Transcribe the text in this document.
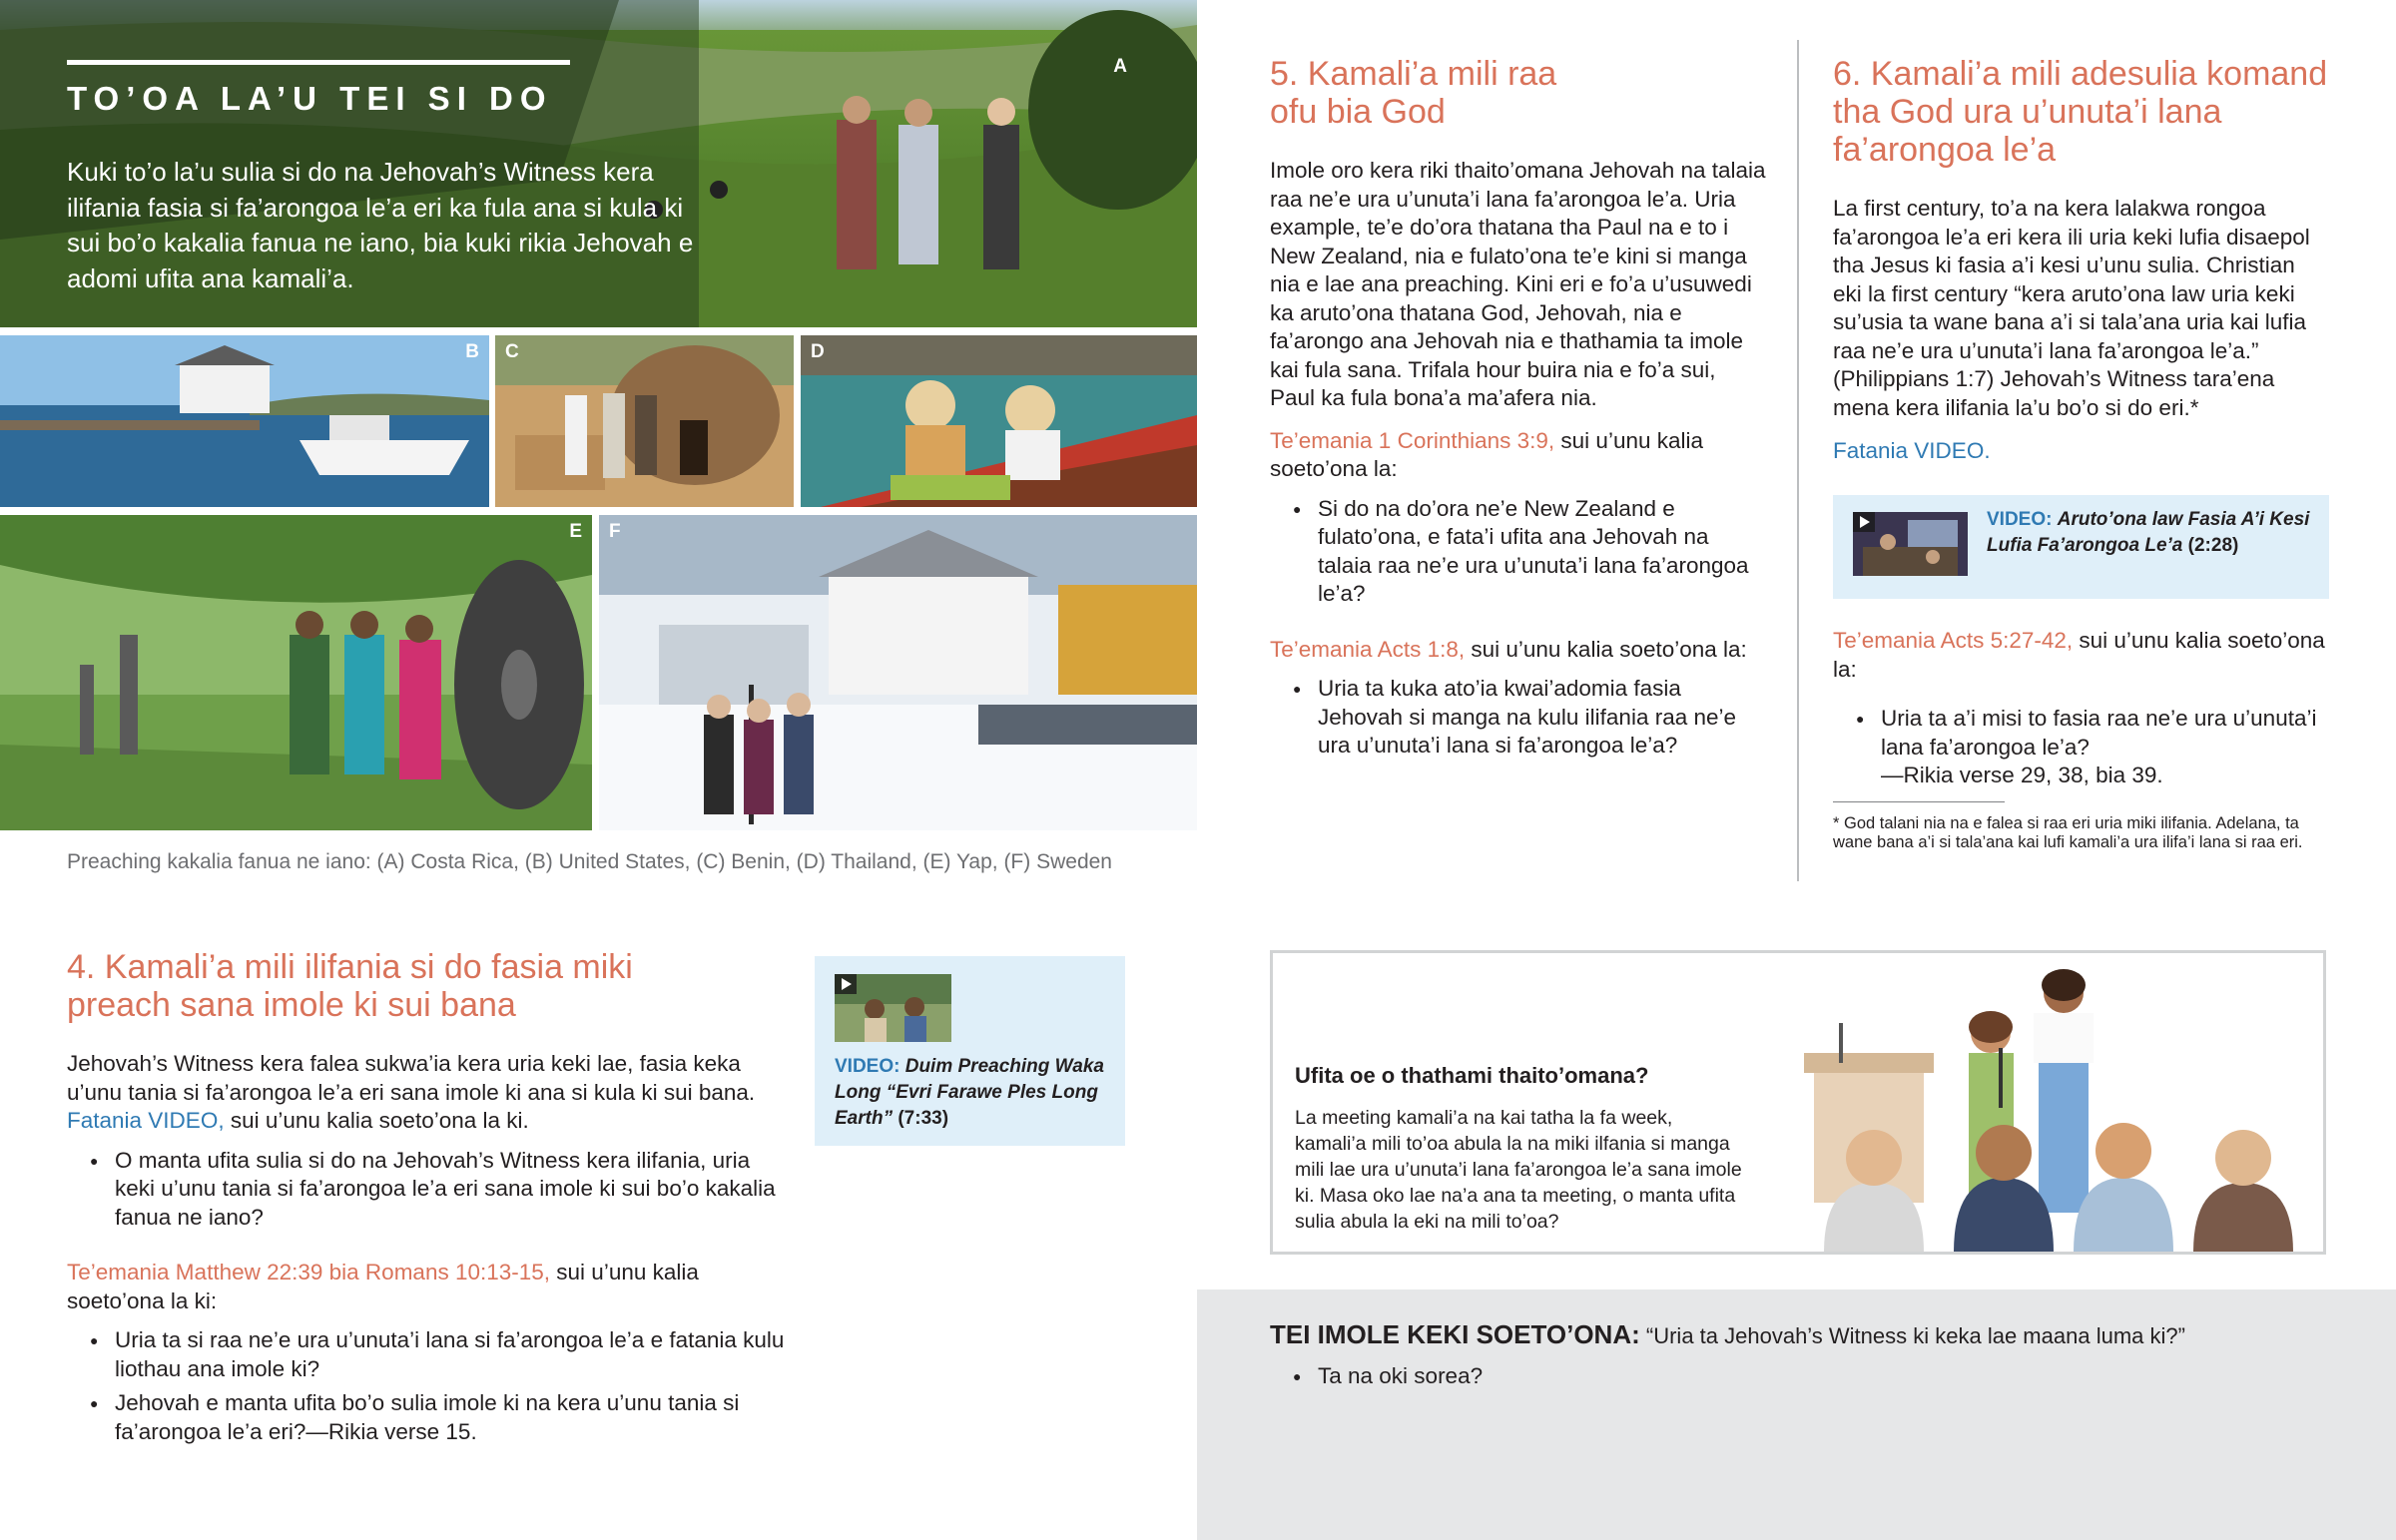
A
TO’OA LA’U TEI SI DO
Kuki to’o la’u sulia si do na Jehovah’s Witness kera ilifania fasia si fa’arongoa le’a eri ka fula ana si kula ki sui bo’o kakalia fanua ne iano, bia kuki rikia Jehovah e adomi ufita ana kamali’a.
B C	D
E F
Preaching kakalia fanua ne iano: (A) Costa Rica, (B) United States, (C) Benin, (D) Thailand, (E) Yap, (F) Sweden
4. Kamali’a mili ilifania si do fasia miki preach sana imole ki sui bana

Jehovah’s Witness kera falea sukwa’ia kera uria keki lae, fasia keka u’unu tania si fa’arongoa le’a eri sana imole ki ana si kula ki sui bana. Fatania VIDEO, sui u’unu kalia soeto’ona la ki.

● O manta ufita sulia si do na Jehovah’s Witness kera ilifania, uria keki u’unu tania si fa’arongoa le’a eri sana imole ki sui bo’o kakalia fanua ne iano?

Te’emania Matthew 22:39 bia Romans 10:13-15, sui u’unu kalia soeto’ona la ki:

● Uria ta si raa ne’e ura u’unuta’i lana si fa’arongoa le’a e fatania kulu liothau ana imole ki?
● Jehovah e manta ufita bo’o sulia imole ki na kera u’unu tania si fa’arongoa le’a eri?—Rikia verse 15.
VIDEO: Duim Preaching Waka Long “Evri Farawe Ples Long Earth” (7:33)
5. Kamali’a mili raa
ofu bia God

Imole oro kera riki thaito’omana Jehovah na talaia raa ne’e ura u’unuta’i lana fa’arongoa le’a. Uria example, te’e do’ora thatana tha Paul na e to i New Zealand, nia e fulato’ona te’e kini si manga nia e lae ana preaching. Kini eri e fo’a u’usuwedi ka aruto’ona thatana God, Jehovah, nia e fa’arongo ana Jehovah nia e thathamia ta imole kai fula sana. Trifala hour buira nia e fo’a sui, Paul ka fula bona’a ma’afera nia.

Te’emania 1 Corinthians 3:9, sui u’unu kalia soeto’ona la:

● Si do na do’ora ne’e New Zealand e fulato’ona, e fata’i ufita ana Jehovah na talaia raa ne’e ura u’unuta’i lana fa’arongoa le’a?

Te’emania Acts 1:8, sui u’unu kalia soeto’ona la:

● Uria ta kuka ato’ia kwai’adomia fasia Jehovah si manga na kulu ilifania raa ne’e ura u’unuta’i lana si fa’arongoa le’a?
6. Kamali’a mili adesulia komand tha God ura u’unuta’i lana fa’arongoa le’a

La first century, to’a na kera lalakwa rongoa fa’arongoa le’a eri kera ili uria keki lufia disaepol tha Jesus ki fasia a’i kesi u’unu sulia. Christian eki la first century “kera aruto’ona law uria keki su’usia ta wane bana a’i si tala’ana uria kai lufia raa ne’e ura u’unuta’i lana fa’arongoa le’a.” (Philippians 1:7) Jehovah’s Witness tara’ena mena kera ilifania la’u bo’o si do eri.*

Fatania VIDEO.

VIDEO: Aruto’ona law Fasia A’i Kesi Lufia Fa’arongoa Le’a (2:28)

Te’emania Acts 5:27-42, sui u’unu kalia soeto’ona la:

● Uria ta a’i misi to fasia raa ne’e ura u’unuta’i lana fa’arongoa le’a?
—Rikia verse 29, 38, bia 39.

* God talani nia na e falea si raa eri uria miki ilifania. Adelana, ta wane bana a’i si tala’ana kai lufi kamali’a ura ilifa’i lana si raa eri.

Ufita oe o thathami thaito’omana?
La meeting kamali’a na kai tatha la fa week, kamali’a mili to’oa abula la na miki ilfania si manga mili lae ura u’unuta’i lana fa’arongoa le’a sana imole ki. Masa oko lae na’a ana ta meeting, o manta ufita sulia abula la eki na mili to’oa?
TEI IMOLE KEKI SOETO’ONA: “Uria ta Jehovah’s Witness ki keka lae maana luma ki?”
● Ta na oki sorea?
